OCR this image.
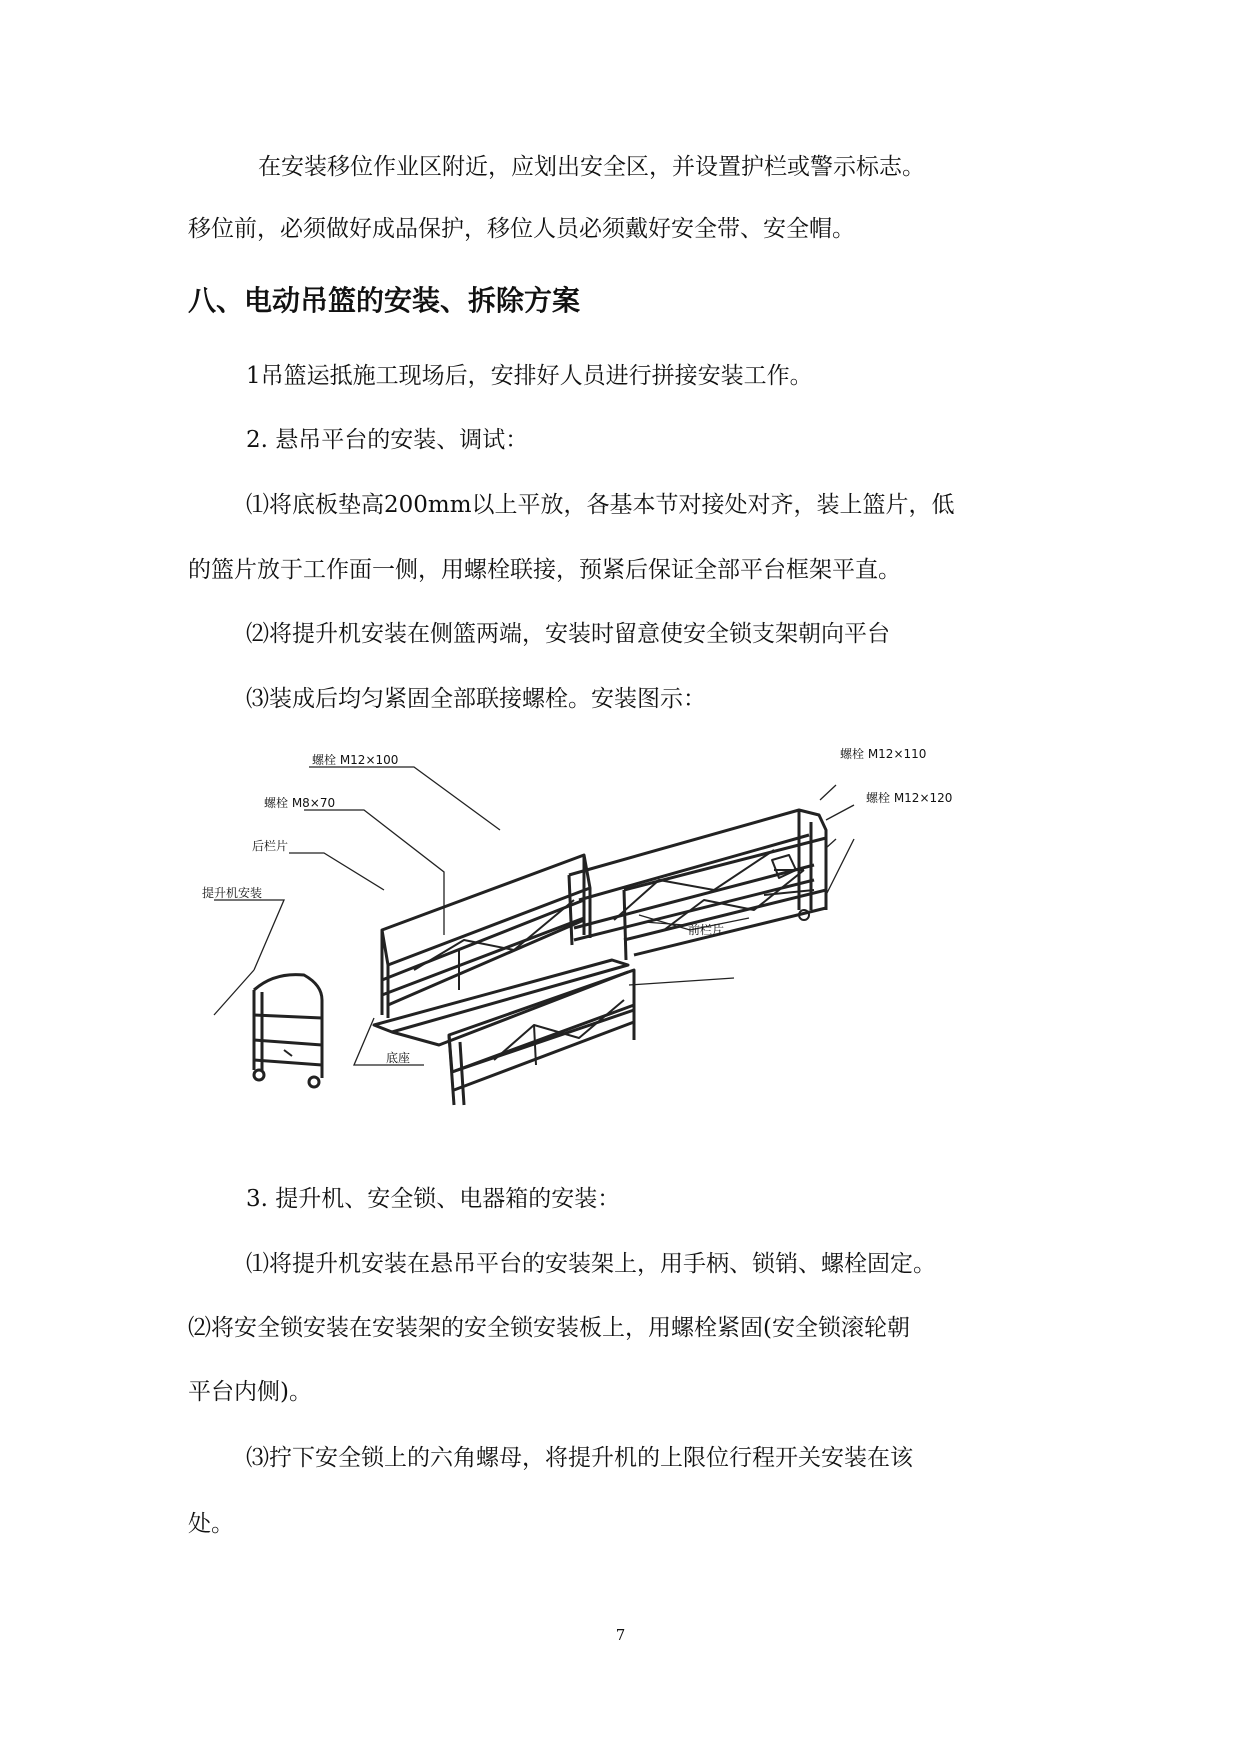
在安装移位作业区附近，应划出安全区，并设置护栏或警示标志。
移位前，必须做好成品保护，移位人员必须戴好安全带、安全帽。
八、电动吊篮的安装、拆除方案
1吊篮运抵施工现场后，安排好人员进行拼接安装工作。
2. 悬吊平台的安装、调试：
⑴将底板垫高200mm以上平放，各基本节对接处对齐，装上篮片，低
的篮片放于工作面一侧，用螺栓联接，预紧后保证全部平台框架平直。
⑵将提升机安装在侧篮两端，安装时留意使安全锁支架朝向平台
⑶装成后均匀紧固全部联接螺栓。安装图示：
螺栓 M12×100
螺栓 M8×70
后栏片
提升机安装
螺栓 M12×110
螺栓 M12×120
前栏片
底座
3. 提升机、安全锁、电器箱的安装：
⑴将提升机安装在悬吊平台的安装架上，用手柄、锁销、螺栓固定。
⑵将安全锁安装在安装架的安全锁安装板上，用螺栓紧固(安全锁滚轮朝
平台内侧)。
⑶拧下安全锁上的六角螺母，将提升机的上限位行程开关安装在该
处。
7
